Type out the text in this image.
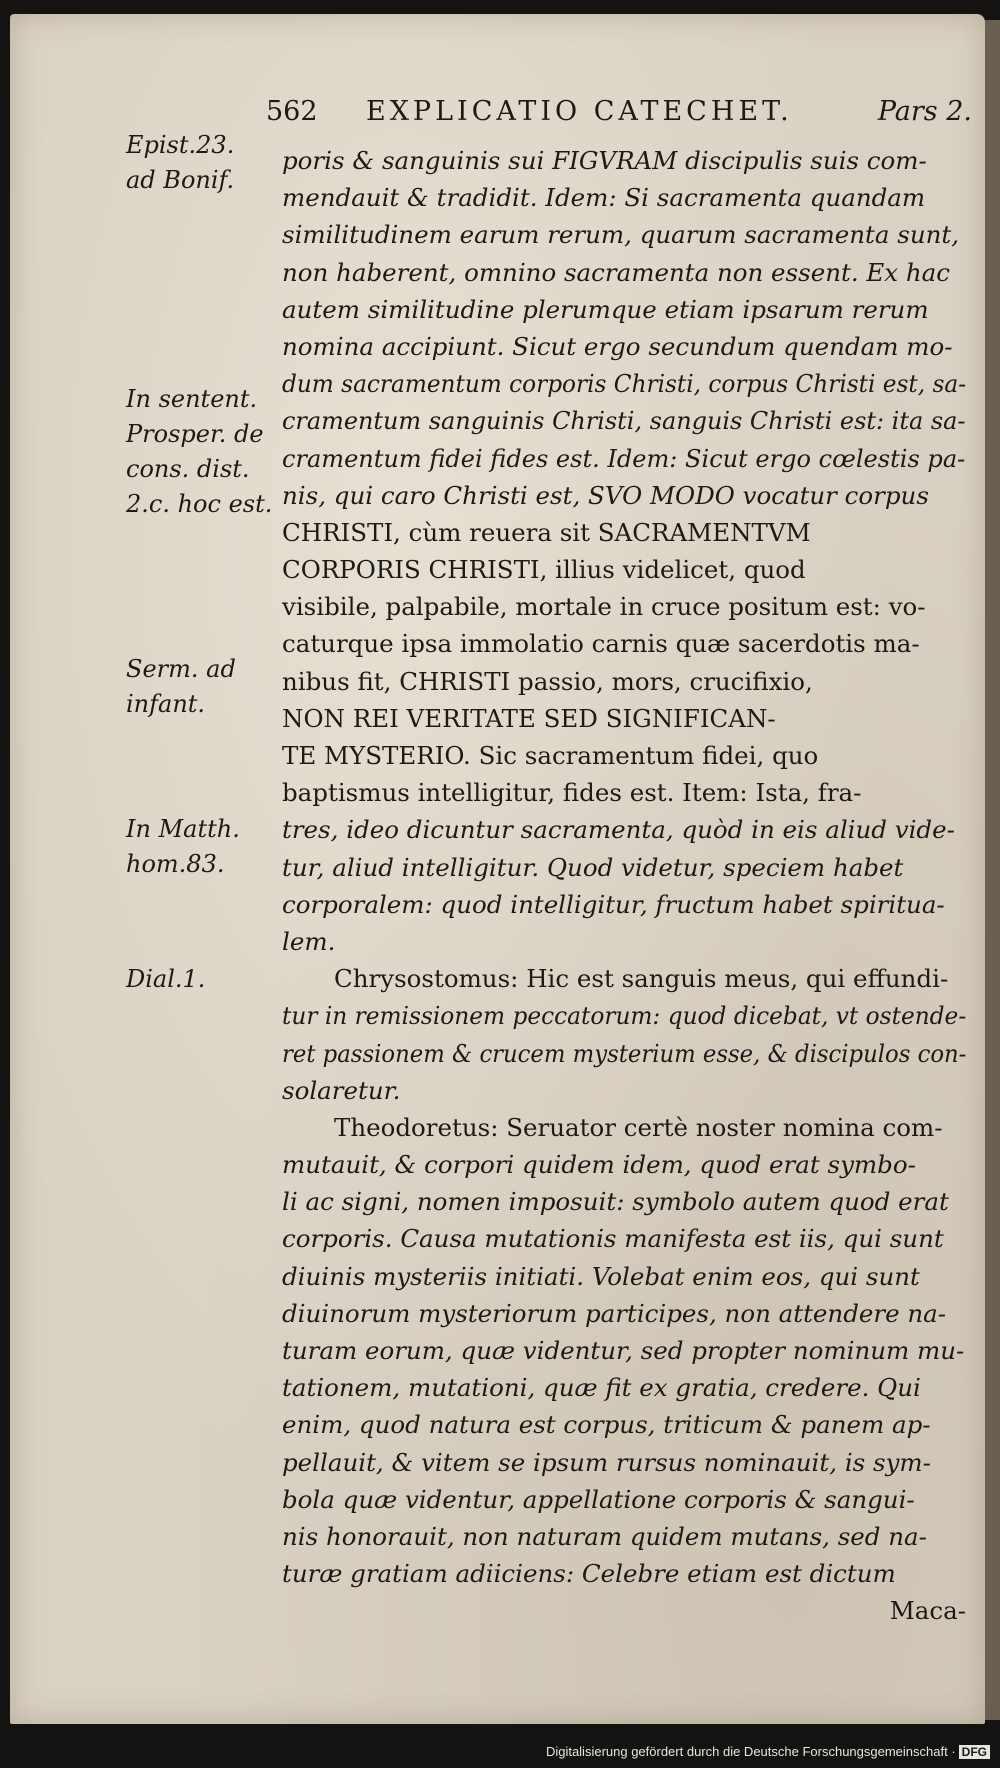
562 EXPLICATIO CATECHET.	Pars 2.
poris & sanguinis sui FIGVRAM discipulis suis com-
mendauit & tradidit. Idem: Si sacramenta quandam
similitudinem earum rerum, quarum sacramenta sunt,
non haberent, omnino sacramenta non essent. Ex hac
autem similitudine plerumque etiam ipsarum rerum
nomina accipiunt. Sicut ergo secundum quendam mo-
dum sacramentum corporis Christi, corpus Christi est, sa-
cramentum sanguinis Christi, sanguis Christi est: ita sa-
cramentum fidei fides est. Idem: Sicut ergo cœlestis pa-
nis, qui caro Christi est, SVO MODO vocatur corpus
CHRISTI, cùm reuera sit SACRAMENTVM
CORPORIS CHRISTI, illius videlicet, quod
visibile, palpabile, mortale in cruce positum est: vo-
caturque ipsa immolatio carnis quæ sacerdotis ma-
nibus fit, CHRISTI passio, mors, crucifixio,
NON REI VERITATE SED SIGNIFICAN-
TE MYSTERIO. Sic sacramentum fidei, quo
baptismus intelligitur, fides est. Item: Ista, fra-
tres, ideo dicuntur sacramenta, quòd in eis aliud vide-
tur, aliud intelligitur. Quod videtur, speciem habet
corporalem: quod intelligitur, fructum habet spiritua-
lem.
Chrysostomus: Hic est sanguis meus, qui effundi-
tur in remissionem peccatorum: quod dicebat, vt ostende-
ret passionem & crucem mysterium esse, & discipulos con-
solaretur.
Theodoretus: Seruator certè noster nomina com-
mutauit, & corpori quidem idem, quod erat symbo-
li ac signi, nomen imposuit: symbolo autem quod erat
corporis. Causa mutationis manifesta est iis, qui sunt
diuinis mysteriis initiati. Volebat enim eos, qui sunt
diuinorum mysteriorum participes, non attendere na-
turam eorum, quæ videntur, sed propter nominum mu-
tationem, mutationi, quæ fit ex gratia, credere. Qui
enim, quod natura est corpus, triticum & panem ap-
pellauit, & vitem se ipsum rursus nominauit, is sym-
bola quæ videntur, appellatione corporis & sangui-
nis honorauit, non naturam quidem mutans, sed na-
turæ gratiam adiiciens: Celebre etiam est dictum
Maca-
Epist.23.
ad Bonif.
In sentent.
Prosper. de
cons. dist.
2.c. hoc est.
Serm. ad
infant.
In Matth.
hom.83.
Dial.1.
Digitalisierung gefördert durch die Deutsche Forschungsgemeinschaft · DFG
